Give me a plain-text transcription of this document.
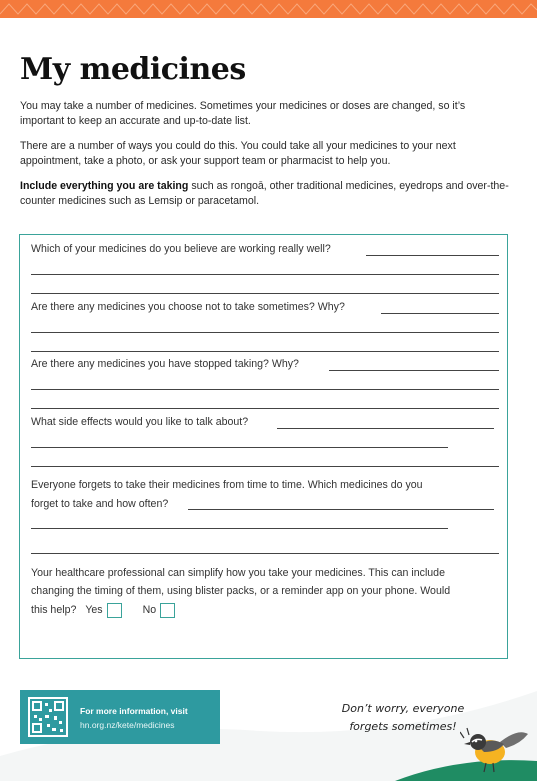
My medicines

You may take a number of medicines. Sometimes your medicines or doses are changed, so it’s important to keep an accurate and up-to-date list.

There are a number of ways you could do this. You could take all your medicines to your next appointment, take a photo, or ask your support team or pharmacist to help you.

Include everything you are taking such as rongoā, other traditional medicines, eyedrops and over-the-counter medicines such as Lemsip or paracetamol.

Which of your medicines do you believe are working really well?
Are there any medicines you choose not to take sometimes? Why?
Are there any medicines you have stopped taking? Why?
What side effects would you like to talk about?
Everyone forgets to take their medicines from time to time. Which medicines do you
forget to take and how often?
Your healthcare professional can simplify how you take your medicines. This can include
changing the timing of them, using blister packs, or a reminder app on your phone. Would
this help? Yes	No
For more information, visit
hn.org.nz/kete/medicines
Don’t worry, everyone
forgets sometimes!
